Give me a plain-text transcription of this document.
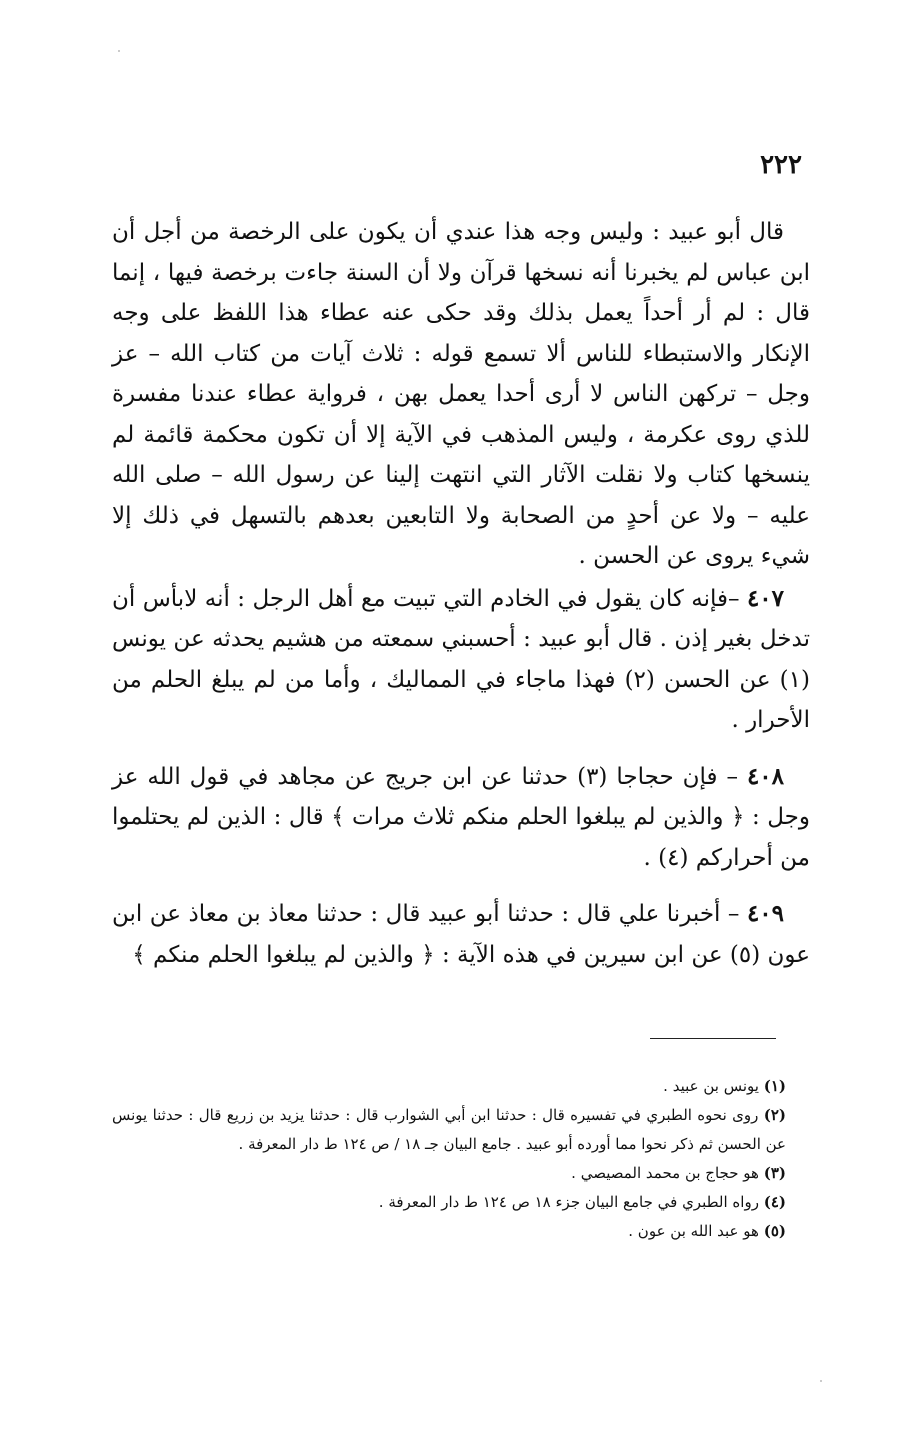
٢٢٢

قال أبو عبيد : وليس وجه هذا عندي أن يكون على الرخصة من أجل أن ابن عباس لم يخبرنا أنه نسخها قرآن ولا أن السنة جاءت برخصة فيها ، إنما قال : لم أر أحداً يعمل بذلك وقد حكى عنه عطاء هذا اللفظ على وجه الإنكار والاستبطاء للناس ألا تسمع قوله : ثلاث آيات من كتاب الله – عز وجل – تركهن الناس لا أرى أحدا يعمل بهن ، فرواية عطاء عندنا مفسرة للذي روى عكرمة ، وليس المذهب في الآية إلا أن تكون محكمة قائمة لم ينسخها كتاب ولا نقلت الآثار التي انتهت إلينا عن رسول الله – صلى الله عليه – ولا عن أحدٍ من الصحابة ولا التابعين بعدهم بالتسهل في ذلك إلا شيء يروى عن الحسن .

٤٠٧ –فإنه كان يقول في الخادم التي تبيت مع أهل الرجل : أنه لابأس أن تدخل بغير إذن . قال أبو عبيد : أحسبني سمعته من هشيم يحدثه عن يونس (١) عن الحسن (٢) فهذا ماجاء في المماليك ، وأما من لم يبلغ الحلم من الأحرار .

٤٠٨ – فإن حجاجا (٣) حدثنا عن ابن جريج عن مجاهد في قول الله عز وجل : ﴿ والذين لم يبلغوا الحلم منكم ثلاث مرات ﴾ قال : الذين لم يحتلموا من أحراركم (٤) .

٤٠٩ – أخبرنا علي قال : حدثنا أبو عبيد قال : حدثنا معاذ بن معاذ عن ابن عون (٥) عن ابن سيرين في هذه الآية : ﴿ والذين لم يبلغوا الحلم منكم ﴾

(١) يونس بن عبيد .

(٢) روى نحوه الطبري في تفسيره قال : حدثنا ابن أبي الشوارب قال : حدثنا يزيد بن زريع قال : حدثنا يونس عن الحسن ثم ذكر نحوا مما أورده أبو عبيد . جامع البيان جـ ١٨ / ص ١٢٤ ط دار المعرفة .

(٣) هو حجاج بن محمد المصيصي .

(٤) رواه الطبري في جامع البيان جزء ١٨ ص ١٢٤ ط دار المعرفة .

(٥) هو عبد الله بن عون .
